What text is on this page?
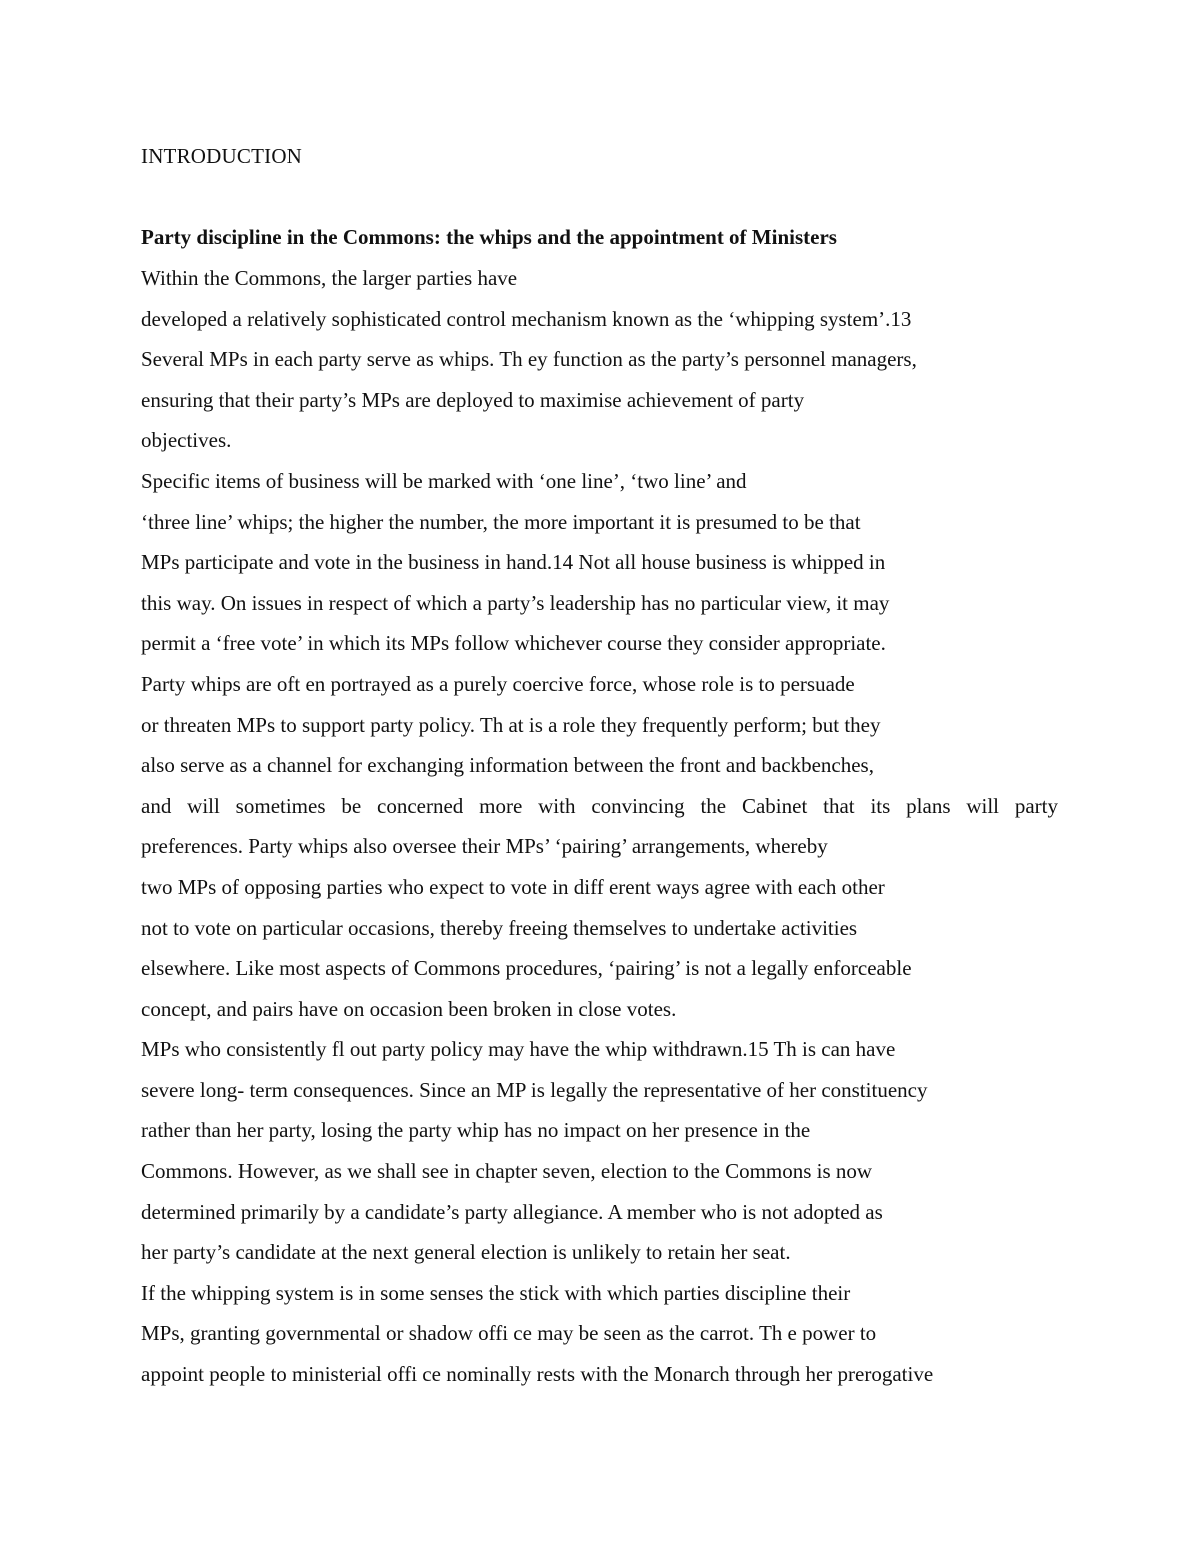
INTRODUCTION
Party discipline in the Commons: the whips and the appointment of Ministers
Within the Commons, the larger parties have
developed a relatively sophisticated control mechanism known as the ‘whipping system’.13
Several MPs in each party serve as whips. Th ey function as the party’s personnel managers,
ensuring that their party’s MPs are deployed to maximise achievement of party
objectives.
Specific items of business will be marked with ‘one line’, ‘two line’ and
‘three line’ whips; the higher the number, the more important it is presumed to be that
MPs participate and vote in the business in hand.14 Not all house business is whipped in
this way. On issues in respect of which a party’s leadership has no particular view, it may
permit a ‘free vote’ in which its MPs follow whichever course they consider appropriate.
Party whips are oft en portrayed as a purely coercive force, whose role is to persuade
or threaten MPs to support party policy. Th at is a role they frequently perform; but they
also serve as a channel for exchanging information between the front and backbenches,
and will sometimes be concerned more with convincing the Cabinet that its plans will party
preferences. Party whips also oversee their MPs’ ‘pairing’ arrangements, whereby
two MPs of opposing parties who expect to vote in diff erent ways agree with each other
not to vote on particular occasions, thereby freeing themselves to undertake activities
elsewhere. Like most aspects of Commons procedures, ‘pairing’ is not a legally enforceable
concept, and pairs have on occasion been broken in close votes.
MPs who consistently fl out party policy may have the whip withdrawn.15 Th is can have
severe long- term consequences. Since an MP is legally the representative of her constituency
rather than her party, losing the party whip has no impact on her presence in the
Commons. However, as we shall see in chapter seven, election to the Commons is now
determined primarily by a candidate’s party allegiance. A member who is not adopted as
her party’s candidate at the next general election is unlikely to retain her seat.
If the whipping system is in some senses the stick with which parties discipline their
MPs, granting governmental or shadow offi ce may be seen as the carrot. Th e power to
appoint people to ministerial offi ce nominally rests with the Monarch through her prerogative
